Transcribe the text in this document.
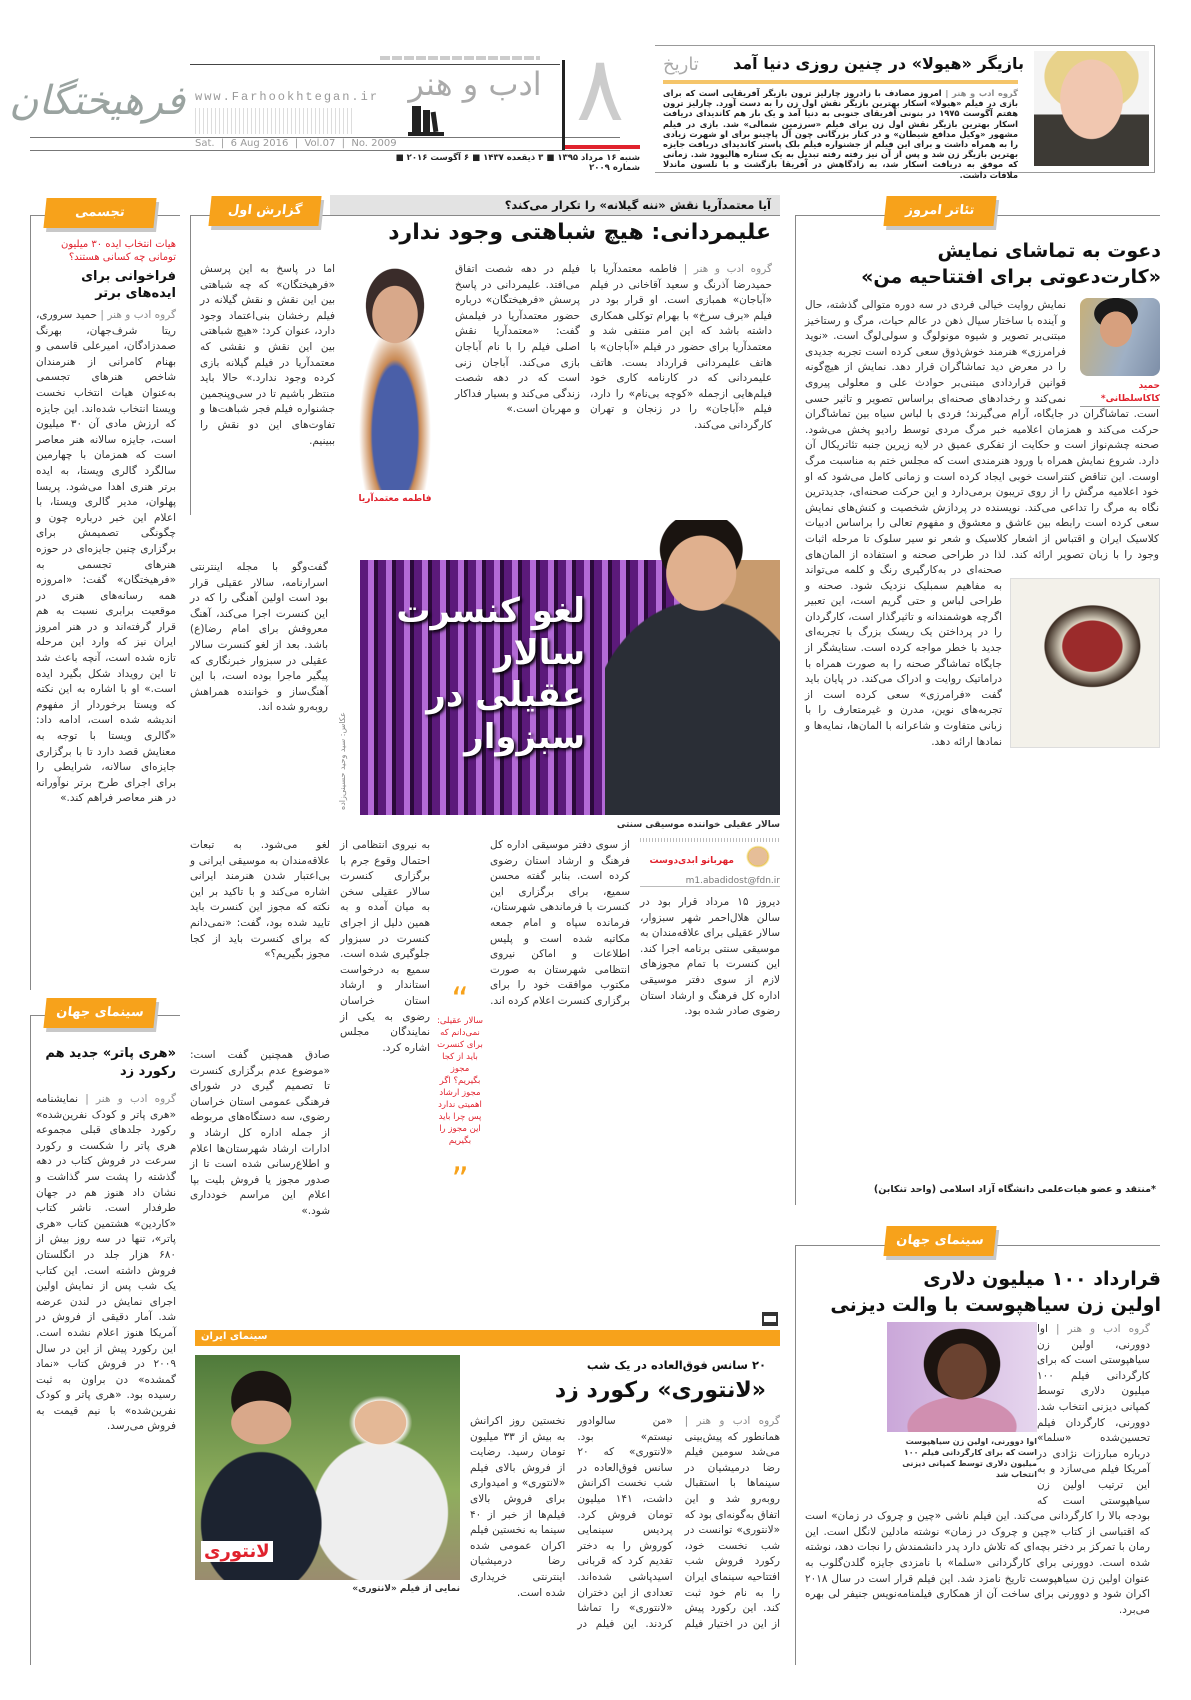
فرهیختگان www.Farhookhtegan.ir
Sat.  |  6 Aug 2016  |  Vol.07  |  No. 2009
ادب و هنر ۸
شنبه ۱۶ مرداد ۱۳۹۵ ■ ۳ ذیقعده ۱۴۳۷ ■ ۶ آگوست ۲۰۱۶ ■ شماره ۲۰۰۹
تاریخ بازیگر «هیولا» در چنین روزی دنیا آمد
گروه ادب و هنر | امروز مصادف با زادروز چارلیز ترون بازیگر آفریقایی است که برای بازی در فیلم «هیولا» اسکار بهترین بازیگر نقش اول زن را به دست آورد. چارلیز ترون هفتم آگوست ۱۹۷۵ در بنونی آفریقای جنوبی به دنیا آمد و یک بار هم کاندیدای دریافت اسکار بهترین بازیگر نقش اول زن برای فیلم «سرزمین شمالی» شد. بازی در فیلم مشهور «وکیل مدافع شیطان» و در کنار بزرگانی چون آل پاچینو برای او شهرت زیادی را به همراه داشت و برای این فیلم از جشنواره فیلم بلک پاستر کاندیدای دریافت جایزه بهترین بازیگر زن شد و پس از آن نیز رفته رفته تبدیل به یک ستاره هالیوود شد. زمانی که موفق به دریافت اسکار شد، به زادگاهش در آفریقا بازگشت و با نلسون ماندلا ملاقات داشت.
تجسمی
هیات انتخاب ایده ۳۰ میلیون تومانی چه کسانی هستند؟
فراخوانی برای ایده‌های برتر
گروه ادب و هنر | حمید سروری، ریتا شرف‌جهان، بهرنگ صمدزادگان، امیرعلی قاسمی و بهنام کامرانی از هنرمندان شاخص هنرهای تجسمی به‌عنوان هیات انتخاب نخست ویستا انتخاب شده‌اند. این جایزه که ارزش مادی آن ۳۰ میلیون است، جایزه سالانه هنر معاصر است که همزمان با چهارمین سالگرد گالری ویستا، به ایده برتر هنری اهدا می‌شود. پریسا پهلوان، مدیر گالری ویستا، با اعلام این خبر درباره چون و چگونگی تصمیمش برای برگزاری چنین جایزه‌ای در حوزه هنرهای تجسمی به «فرهیختگان» گفت: «امروزه همه رسانه‌های هنری در موقعیت برابری نسبت به هم قرار گرفته‌اند و در هنر امروز ایران نیز که وارد این مرحله تازه شده است، آنچه باعث شد تا این رویداد شکل بگیرد ایده است.» او با اشاره به این نکته که ویستا برخوردار از مفهوم اندیشه شده است، ادامه داد: «گالری ویستا با توجه به معنایش قصد دارد تا با برگزاری جایزه‌ای سالانه، شرایطی را برای اجرای طرح برتر نوآورانه در هنر معاصر فراهم کند.»
سینمای جهان
«هری پاتر» جدید هم رکورد زد
گروه ادب و هنر | نمایشنامه «هری پاتر و کودک نفرین‌شده» رکورد جلدهای قبلی مجموعه هری پاتر را شکست و رکورد سرعت در فروش کتاب در دهه گذشته را پشت سر گذاشت و نشان داد هنوز هم در جهان طرفدار است. ناشر کتاب «کاردین» هشتمین کتاب «هری پاتر»، تنها در سه روز بیش از ۶۸۰ هزار جلد در انگلستان فروش داشته است. این کتاب یک شب پس از نمایش اولین اجرای نمایش در لندن عرضه شد. آمار دقیقی از فروش در آمریکا هنوز اعلام نشده است. این رکورد پیش از این در سال ۲۰۰۹ در فروش کتاب «نماد گمشده» دن براون به ثبت رسیده بود. «هری پاتر و کودک نفرین‌شده» با نیم قیمت به فروش می‌رسد.
گزارش اول	آیا معتمدآریا نقش «ننه گیلانه» را تکرار می‌کند؟
علیمردانی: هیچ شباهتی وجود ندارد
گروه ادب و هنر | فاطمه معتمدآریا با حمیدرضا آذرنگ و سعید آقاخانی در فیلم «آباجان» همبازی است. او قرار بود در فیلم «برف سرخ» با بهرام توکلی همکاری داشته باشد که این امر منتفی شد و معتمدآریا برای حضور در فیلم «آباجان» با هاتف علیمردانی قرارداد بست. هاتف علیمردانی که در کارنامه کاری خود فیلم‌هایی ازجمله «کوچه بی‌نام» را دارد، فیلم «آباجان» را در زنجان و تهران کارگردانی می‌کند.
فیلم در دهه شصت اتفاق می‌افتد. علیمردانی در پاسخ پرسش «فرهیختگان» درباره حضور معتمدآریا در فیلمش گفت: «معتمدآریا نقش اصلی فیلم را با نام آباجان بازی می‌کند. آباجان زنی است که در دهه شصت زندگی می‌کند و بسیار فداکار و مهربان است.»
فاطمه معتمدآریا
اما در پاسخ به این پرسش «فرهیختگان» که چه شباهتی بین این نقش و نقش گیلانه در فیلم رخشان بنی‌اعتماد وجود دارد، عنوان کرد: «هیچ شباهتی بین این نقش و نقشی که معتمدآریا در فیلم گیلانه بازی کرده وجود ندارد.» حالا باید منتظر باشیم تا در سی‌وپنجمین جشنواره فیلم فجر شباهت‌ها و تفاوت‌های این دو نقش را ببینیم.
لغو کنسرت سالار عقیلی در سبزوار
عکاس: سید وحید حسینی‌زاده
سالار عقیلی خواننده موسیقی سنتی
گفت‌وگو با مجله اینترنتی اسرارنامه، سالار عقیلی قرار بود است اولین آهنگی را که در این کنسرت اجرا می‌کند، آهنگ معروفش برای امام رضا(ع) باشد. بعد از لغو کنسرت سالار عقیلی در سبزوار خبرنگاری که پیگیر ماجرا بوده است، با این آهنگ‌ساز و خواننده همراهش روبه‌رو شده اند.
مهربانو ابدی‌دوست
m1.abadidost@fdn.ir
دیروز ۱۵ مرداد قرار بود در سالن هلال‌احمر شهر سبزوار، سالار عقیلی برای علاقه‌مندان به موسیقی سنتی برنامه اجرا کند. این کنسرت با تمام مجوزهای لازم از سوی دفتر موسیقی اداره کل فرهنگ و ارشاد استان رضوی صادر شده بود.
از سوی دفتر موسیقی اداره کل فرهنگ و ارشاد استان رضوی کرده است. بنابر گفته محسن سمیع، برای برگزاری این کنسرت با فرماندهی شهرستان، فرمانده سپاه و امام جمعه مکاتبه شده است و پلیس اطلاعات و اماکن نیروی انتظامی شهرستان به صورت مکتوب موافقت خود را برای برگزاری کنسرت اعلام کرده اند.
“
سالار عقیلی: نمی‌دانم که برای کنسرت باید از کجا مجوز بگیریم؟ اگر مجوز ارشاد اهمیتی ندارد پس چرا باید این مجوز را بگیریم
”
به نیروی انتظامی از احتمال وقوع جرم با برگزاری کنسرت سالار عقیلی سخن به میان آمده و به همین دلیل از اجرای کنسرت در سبزوار جلوگیری شده است. سمیع به درخواست استاندار و ارشاد استان خراسان رضوی به یکی از نمایندگان مجلس اشاره کرد.
لغو می‌شود. به تبعات علاقه‌مندان به موسیقی ایرانی و بی‌اعتبار شدن هنرمند ایرانی اشاره می‌کند و با تاکید بر این نکته که مجوز این کنسرت باید تایید شده بود، گفت: «نمی‌دانم که برای کنسرت باید از کجا مجوز بگیریم؟»
صادق همچنین گفت است: «موضوع عدم برگزاری کنسرت تا تصمیم گیری در شورای فرهنگی عمومی استان خراسان رضوی، سه دستگاه‌های مربوطه از جمله اداره کل ارشاد و ادارات ارشاد شهرستان‌ها اعلام و اطلاع‌رسانی شده است تا از صدور مجوز یا فروش بلیت بپا اعلام این مراسم خودداری شود.»
سینمای ایران
لانتوری
نمایی از فیلم «لانتوری»
۲۰ سانس فوق‌العاده در یک شب
«لانتوری» رکورد زد
گروه ادب و هنر | همانطور که پیش‌بینی می‌شد سومین فیلم رضا درمیشیان در سینماها با استقبال روبه‌رو شد و این اتفاق به‌گونه‌ای بود که «لانتوری» توانست در شب نخست خود، رکورد فروش شب افتتاحیه سینمای ایران را به نام خود ثبت کند. این رکورد پیش از این در اختیار فیلم «من سالوادور نیستم» بود. «لانتوری» که ۲۰ سانس فوق‌العاده در شب نخست اکرانش داشت، ۱۴۱ میلیون تومان فروش کرد. پردیس سینمایی کوروش را به دختر تقدیم کرد که قربانی اسیدپاشی شده‌اند. تعدادی از این دختران «لانتوری» را تماشا کردند. این فیلم در نخستین روز اکرانش به بیش از ۳۳ میلیون تومان رسید. رضایت از فروش بالای فیلم «لانتوری» و امیدواری برای فروش بالای فیلم‌ها از خبر از ۴۰ سینما به نخستین فیلم اکران عمومی شده رضا درمیشیان اینترنتی خریداری شده است.
تئاتر امروز
دعوت به تماشای نمایش
«کارت‌دعوتی برای افتتاحیه من»
حمید کاکاسلطانی*
نمایش روایت خیالی فردی در سه دوره متوالی گذشته، حال و آینده با ساختار سیال ذهن در عالم حیات، مرگ و رستاخیز مبتنی‌بر تصویر و شیوه مونولوگ و سولی‌لوگ است. «نوید فرامرزی» هنرمند خوش‌ذوق سعی کرده است تجربه جدیدی را در معرض دید تماشاگران قرار دهد. نمایش از هیچ‌گونه قوانین قراردادی مبتنی‌بر حوادث علی و معلولی پیروی نمی‌کند و رخدادهای صحنه‌ای براساس تصویر و تاثیر حسی است. تماشاگران در جایگاه، آرام می‌گیرند؛ فردی با لباس سیاه بین تماشاگران حرکت می‌کند و همزمان اعلامیه خبر مرگ مردی توسط رادیو پخش می‌شود. صحنه چشم‌نواز است و حکایت از تفکری عمیق در لایه زیرین جنبه تئاتریکال آن دارد. شروع نمایش همراه با ورود هنرمندی است که مجلس ختم به مناسبت مرگ اوست. این تناقض کنتراست خوبی ایجاد کرده است و زمانی کامل می‌شود که او خود اعلامیه مرگش را از روی تریبون برمی‌دارد و این حرکت صحنه‌ای، جدیدترین نگاه به مرگ را تداعی می‌کند. نویسنده در پردازش شخصیت و کنش‌های نمایش سعی کرده است رابطه بین عاشق و معشوق و مفهوم تعالی را براساس ادبیات کلاسیک ایران و اقتباس از اشعار کلاسیک و شعر نو سیر سلوک تا مرحله اثبات وجود را با زبان تصویر ارائه کند. لذا در طراحی صحنه و استفاده از المان‌های صحنه‌ای در به‌کارگیری رنگ و کلمه می‌تواند به مفاهیم سمبلیک نزدیک شود. صحنه و طراحی لباس و حتی گریم است، این تعبیر اگرچه هوشمندانه و تاثیرگذار است، کارگردان را در پرداختن یک ریسک بزرگ با تجربه‌ای جدید با خطر مواجه کرده است. ستایشگر از جایگاه تماشاگر صحنه را به صورت همراه با دراماتیک روایت و ادراک می‌کند. در پایان باید گفت «فرامرزی» سعی کرده است از تجربه‌های نوین، مدرن و غیرمتعارف را با زبانی متفاوت و شاعرانه با المان‌ها، نمایه‌ها و نمادها ارائه دهد.
*منتقد و عضو هیات‌علمی دانشگاه آزاد اسلامی (واحد تنکابن)
سینمای جهان
قرارداد ۱۰۰ میلیون دلاری
اولین زن سیاهپوست با والت دیزنی
اوا دوورنی، اولین زن سیاهپوست است که برای کارگردانی فیلم ۱۰۰ میلیون دلاری توسط کمپانی دیزنی انتخاب شد
گروه ادب و هنر | اوا دوورنی، اولین زن سیاهپوستی است که برای کارگردانی فیلم ۱۰۰ میلیون دلاری توسط کمپانی دیزنی انتخاب شد. دوورنی، کارگردان فیلم تحسین‌شده «سلما» درباره مبارزات نژادی در آمریکا فیلم می‌سازد و به این ترتیب اولین زن سیاهپوستی است که بودجه بالا را کارگردانی می‌کند. این فیلم ناشی «چین و چروک در زمان» است که اقتباسی از کتاب «چین و چروک در زمان» نوشته مادلین لانگل است. این رمان با تمرکز بر دختر بچه‌ای که تلاش دارد پدر دانشمندش را نجات دهد، نوشته شده است. دوورنی برای کارگردانی «سلما» با نامزدی جایزه گلدن‌گلوب به عنوان اولین زن سیاهپوست تاریخ نامزد شد. این فیلم قرار است در سال ۲۰۱۸ اکران شود و دوورنی برای ساخت آن از همکاری فیلمنامه‌نویس جنیفر لی بهره می‌برد.
